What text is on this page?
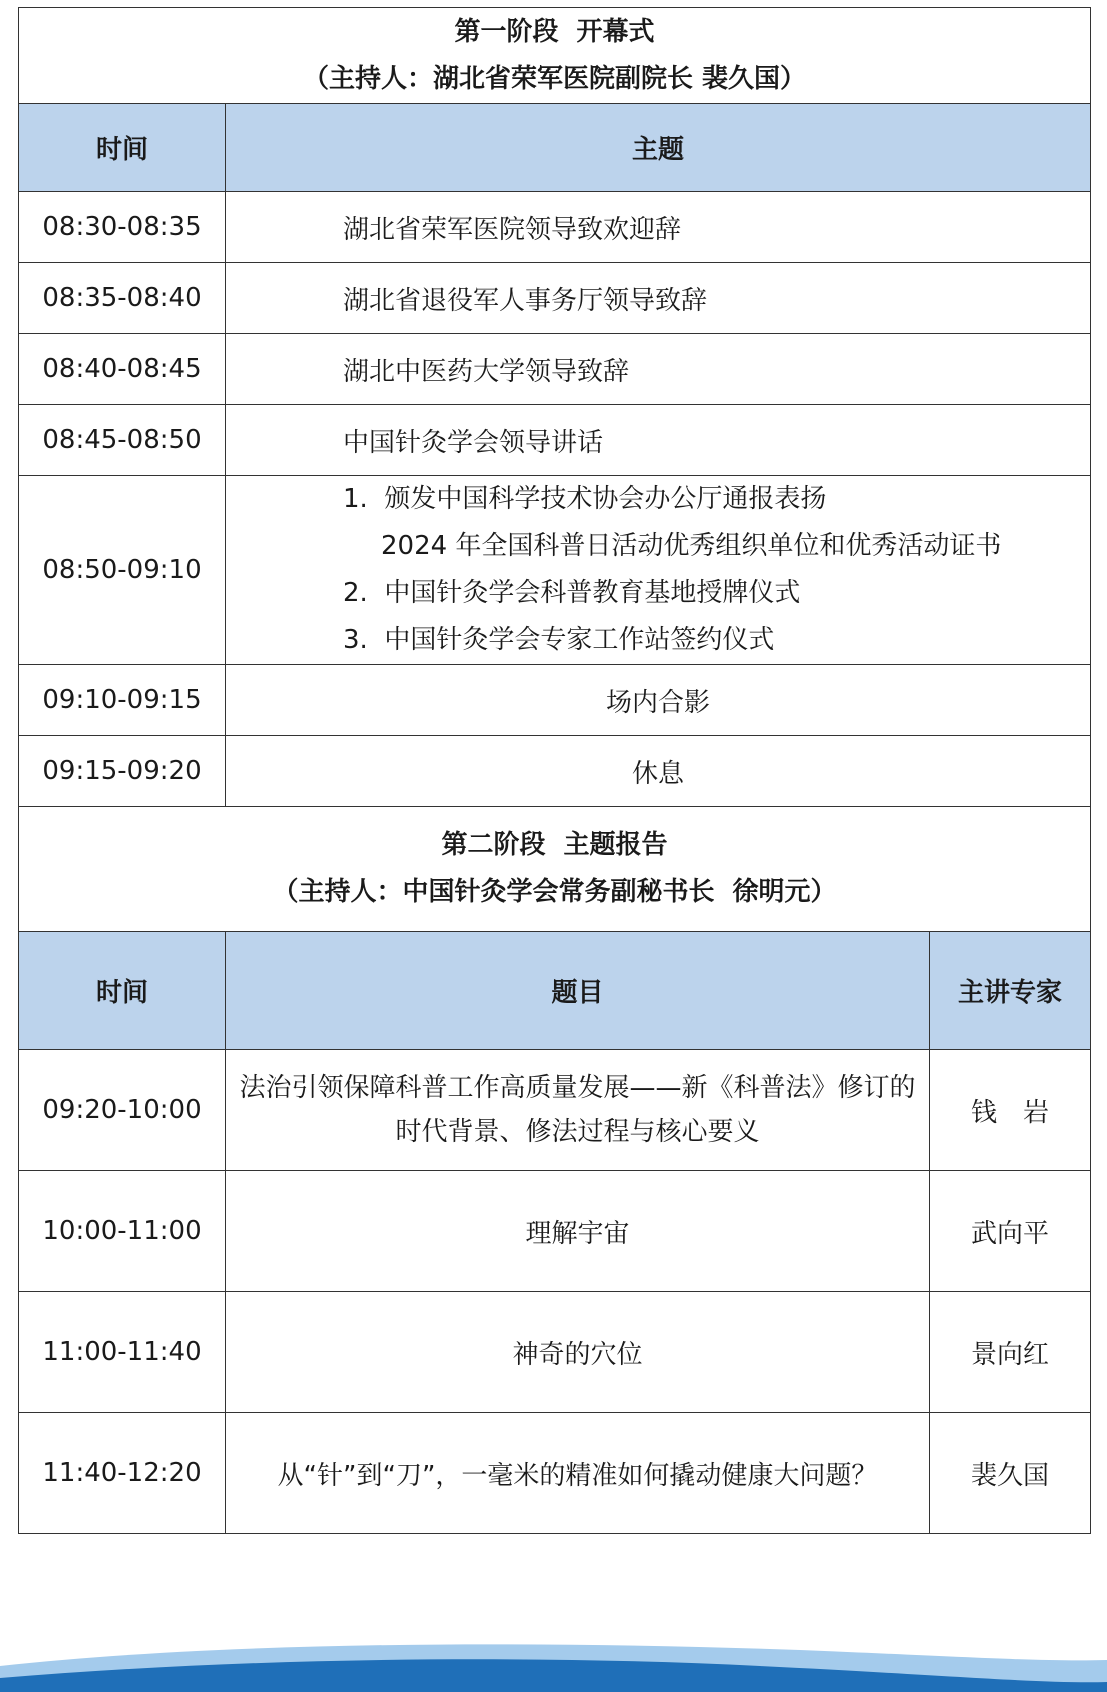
第一阶段  开幕式
（主持人：湖北省荣军医院副院长 裴久国）		

时间	主题	
08:30-08:35	湖北省荣军医院领导致欢迎辞	
08:35-08:40	湖北省退役军人事务厅领导致辞	
08:40-08:45	湖北中医药大学领导致辞	
08:45-08:50	中国针灸学会领导讲话	
08:50-09:10	1.  颁发中国科学技术协会办公厅通报表扬
2024 年全国科普日活动优秀组织单位和优秀活动证书
2.  中国针灸学会科普教育基地授牌仪式
3.  中国针灸学会专家工作站签约仪式	

09:10-09:15	场内合影	
09:15-09:20	休息	

第二阶段  主题报告
（主持人：中国针灸学会常务副秘书长  徐明元）		

时间	题目	主讲专家
09:20-10:00	法治引领保障科普工作高质量发展——新《科普法》修订的
时代背景、修法过程与核心要义	钱　岩
10:00-11:00	理解宇宙	武向平
11:00-11:40	神奇的穴位	景向红
11:40-12:20	从“针”到“刀”，一毫米的精准如何撬动健康大问题？	裴久国
